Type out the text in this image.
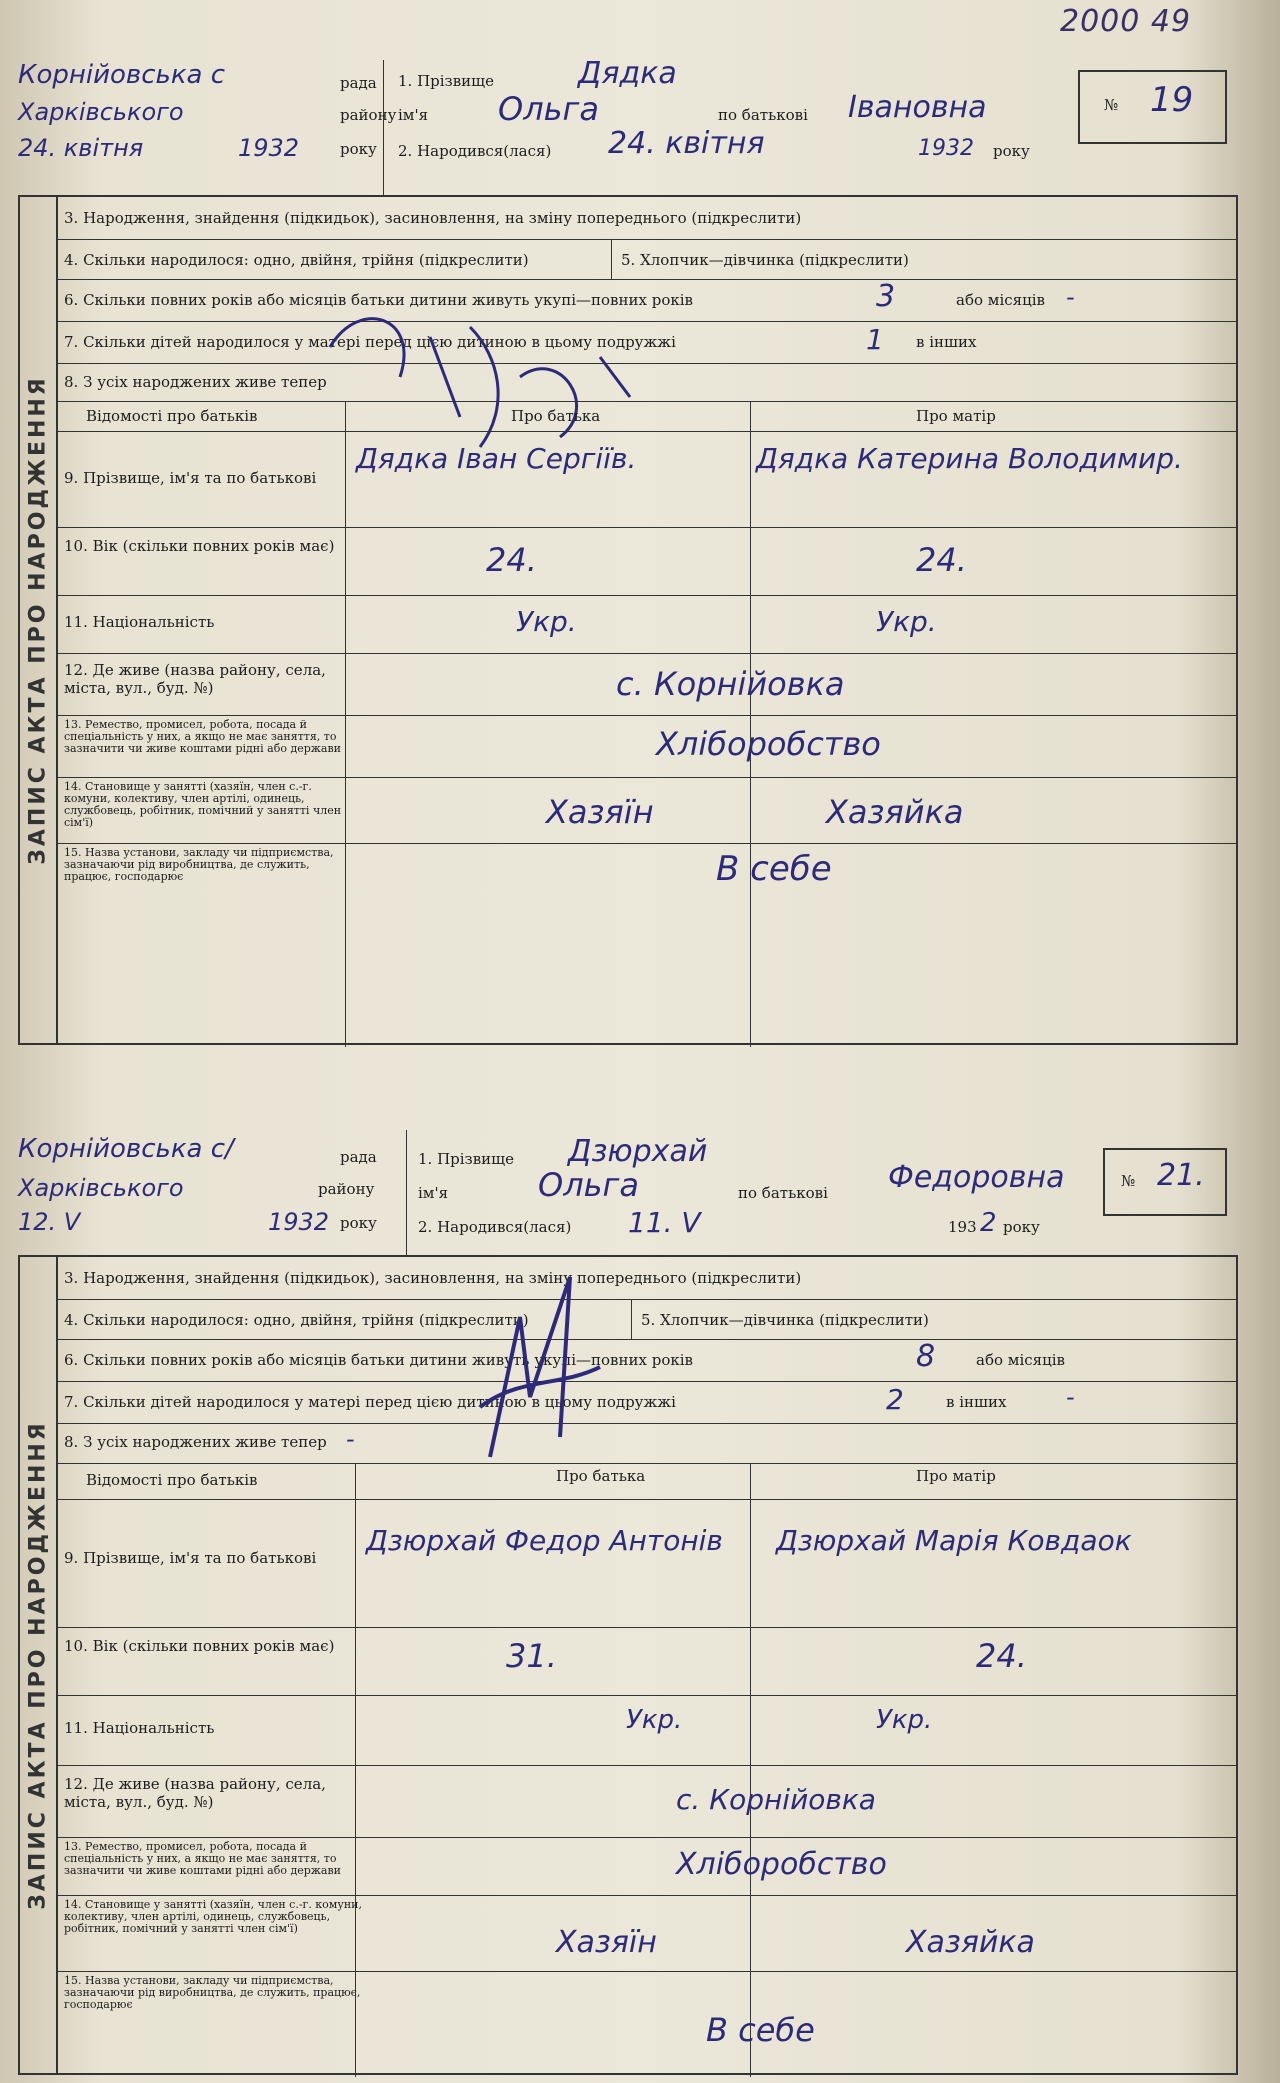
2000 49
Корнійовська с	рада
Харківського	району
24. квітня	1932	року
1. Прізвище	Дядка
ім'я Ольга	по батькові Івановна
2. Народився(лася) 24. квітня	1932 року
№ 19
ЗАПИС АКТА ПРО НАРОДЖЕННЯ
3. Народження, знайдення (підкидьок), засиновлення, на зміну попереднього (підкреслити)
4. Скільки народилося: одно, двійня, трійня (підкреслити)	5. Хлопчик—дівчинка (підкреслити)
6. Скільки повних років або місяців батьки дитини живуть укупі—повних років	3	або місяців -
7. Скільки дітей народилося у матері перед цією дитиною в цьому подружжі	1 в інших
8. З усіх народжених живе тепер
Відомості про батьків	Про батька	Про матір
9. Прізвище, ім'я та по батькові
Дядка Іван Сергіїв.	Дядка Катерина Володимир.
10. Вік (скільки повних років має)	24.	24.
11. Національність	Укр.	Укр.
12. Де живе (назва району, села, міста, вул., буд. №)	с. Корнійовка
13. Ремество, промисел, робота, посада й спеціальність у них, а якщо не має заняття, то зазначити чи живе коштами рідні або держави	Хліборобство
14. Становище у занятті (хазяїн, член с.-г. комуни, колективу, член артілі, одинець, службовець, робітник, помічний у занятті член сім'ї)	Хазяїн	Хазяйка
15. Назва установи, закладу чи підприємства, зазначаючи рід виробництва, де служить, працює, господарює	В себе
Корнійовська с/	рада
Харківського	району
12. V	1932 року
1. Прізвище Дзюрхай
ім'я	Ольга	по батькові Федоровна
2. Народився(лася) 11. V	193 2 року
№ 21.
ЗАПИС АКТА ПРО НАРОДЖЕННЯ
3. Народження, знайдення (підкидьок), засиновлення, на зміну попереднього (підкреслити)
4. Скільки народилося: одно, двійня, трійня (підкреслити)	5. Хлопчик—дівчинка (підкреслити)
6. Скільки повних років або місяців батьки дитини живуть укупі—повних років	8	або місяців
7. Скільки дітей народилося у матері перед цією дитиною в цьому подружжі	2	в інших -
8. З усіх народжених живе тепер -
Відомості про батьків	Про батька	Про матір
9. Прізвище, ім'я та по батькові
Дзюрхай Федор Антонів	Дзюрхай Марія Ковдаок
10. Вік (скільки повних років має)	31.	24.
11. Національність	Укр.	Укр.
12. Де живе (назва району, села, міста, вул., буд. №)	с. Корнійовка
13. Ремество, промисел, робота, посада й спеціальність у них, а якщо не має заняття, то зазначити чи живе коштами рідні або держави	Хліборобство
14. Становище у занятті (хазяїн, член с.-г. комуни, колективу, член артілі, одинець, службовець, робітник, помічний у занятті член сім'ї)	Хазяїн	Хазяйка
15. Назва установи, закладу чи підприємства, зазначаючи рід виробництва, де служить, працює, господарює
В себе
